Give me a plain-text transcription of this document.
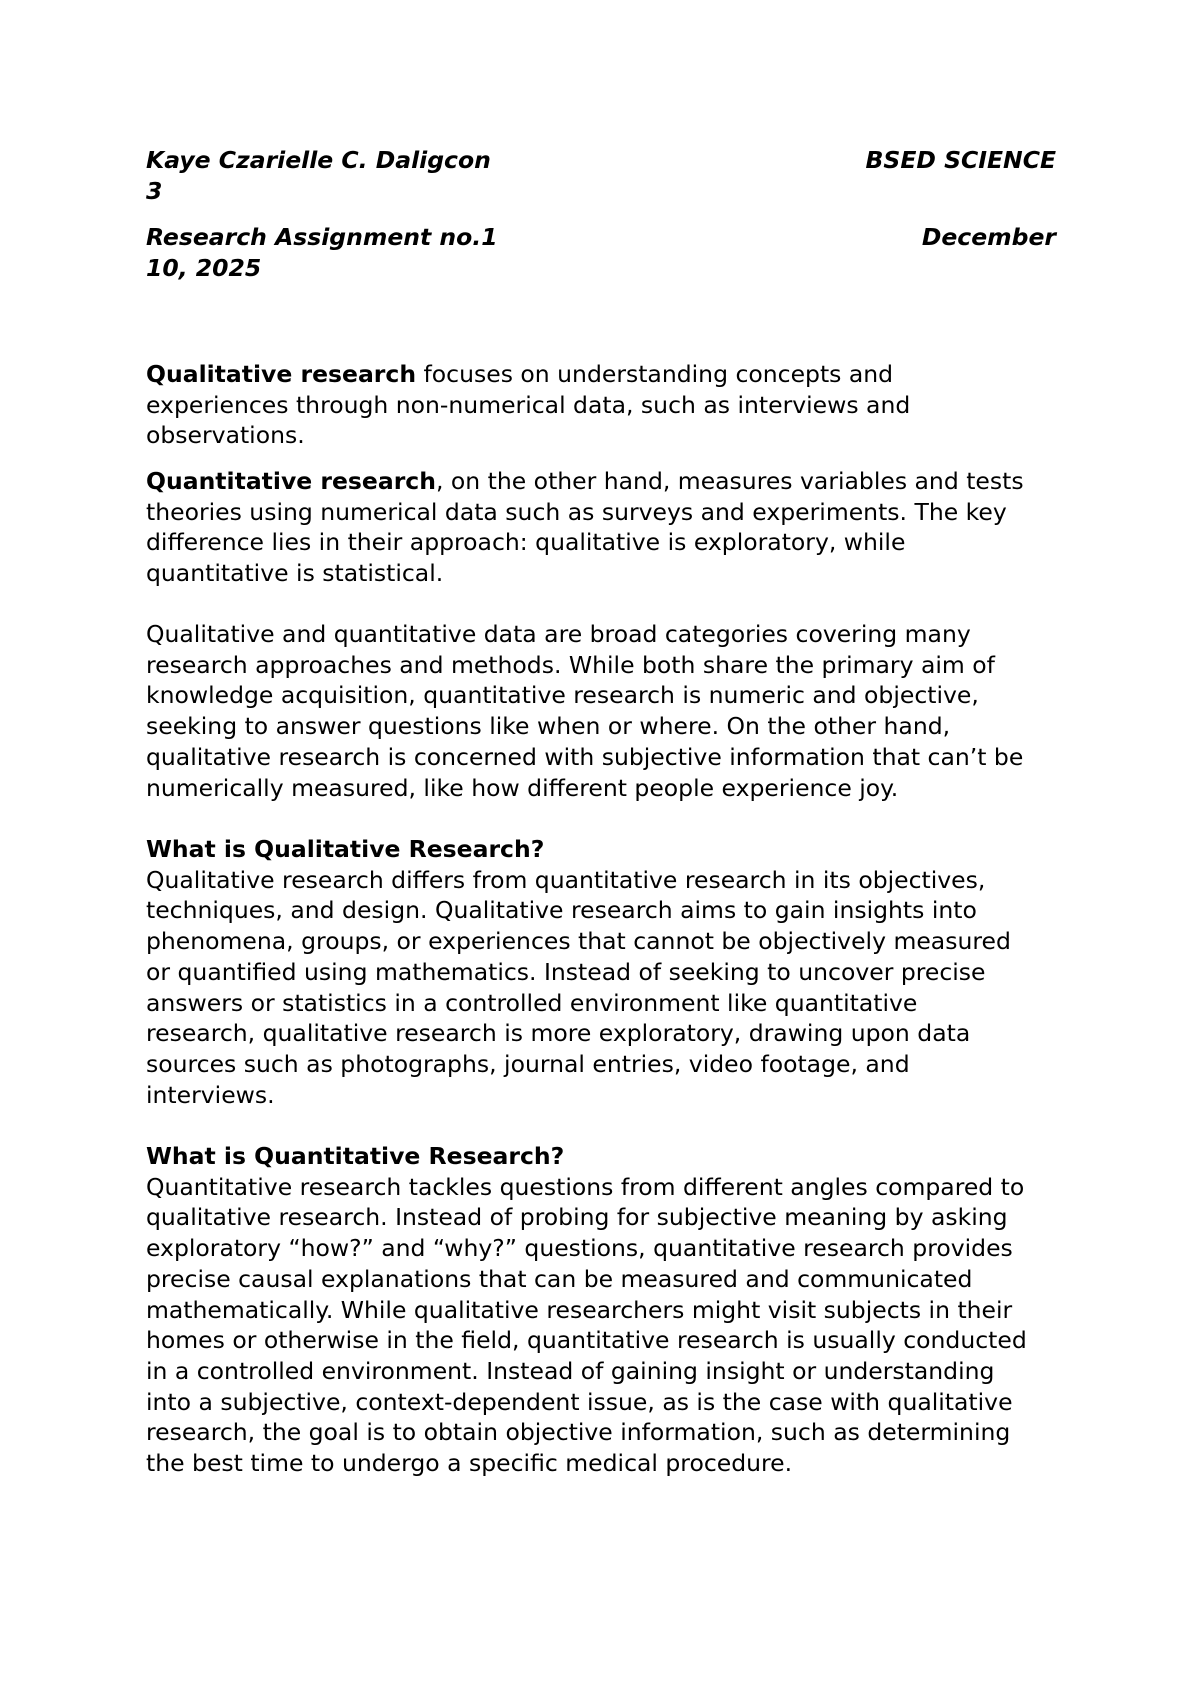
Kaye Czarielle C. Daligcon	BSED SCIENCE
3
Research Assignment no.1	December
10, 2025

Qualitative research focuses on understanding concepts and
experiences through non-numerical data, such as interviews and
observations.

Quantitative research, on the other hand, measures variables and tests
theories using numerical data such as surveys and experiments. The key
difference lies in their approach: qualitative is exploratory, while
quantitative is statistical.

Qualitative and quantitative data are broad categories covering many
research approaches and methods. While both share the primary aim of
knowledge acquisition, quantitative research is numeric and objective,
seeking to answer questions like when or where. On the other hand,
qualitative research is concerned with subjective information that can’t be
numerically measured, like how different people experience joy.

What is Qualitative Research?
Qualitative research differs from quantitative research in its objectives,
techniques, and design. Qualitative research aims to gain insights into
phenomena, groups, or experiences that cannot be objectively measured
or quantified using mathematics. Instead of seeking to uncover precise
answers or statistics in a controlled environment like quantitative
research, qualitative research is more exploratory, drawing upon data
sources such as photographs, journal entries, video footage, and
interviews.

What is Quantitative Research?
Quantitative research tackles questions from different angles compared to
qualitative research. Instead of probing for subjective meaning by asking
exploratory “how?” and “why?” questions, quantitative research provides
precise causal explanations that can be measured and communicated
mathematically. While qualitative researchers might visit subjects in their
homes or otherwise in the field, quantitative research is usually conducted
in a controlled environment. Instead of gaining insight or understanding
into a subjective, context-dependent issue, as is the case with qualitative
research, the goal is to obtain objective information, such as determining
the best time to undergo a specific medical procedure.
